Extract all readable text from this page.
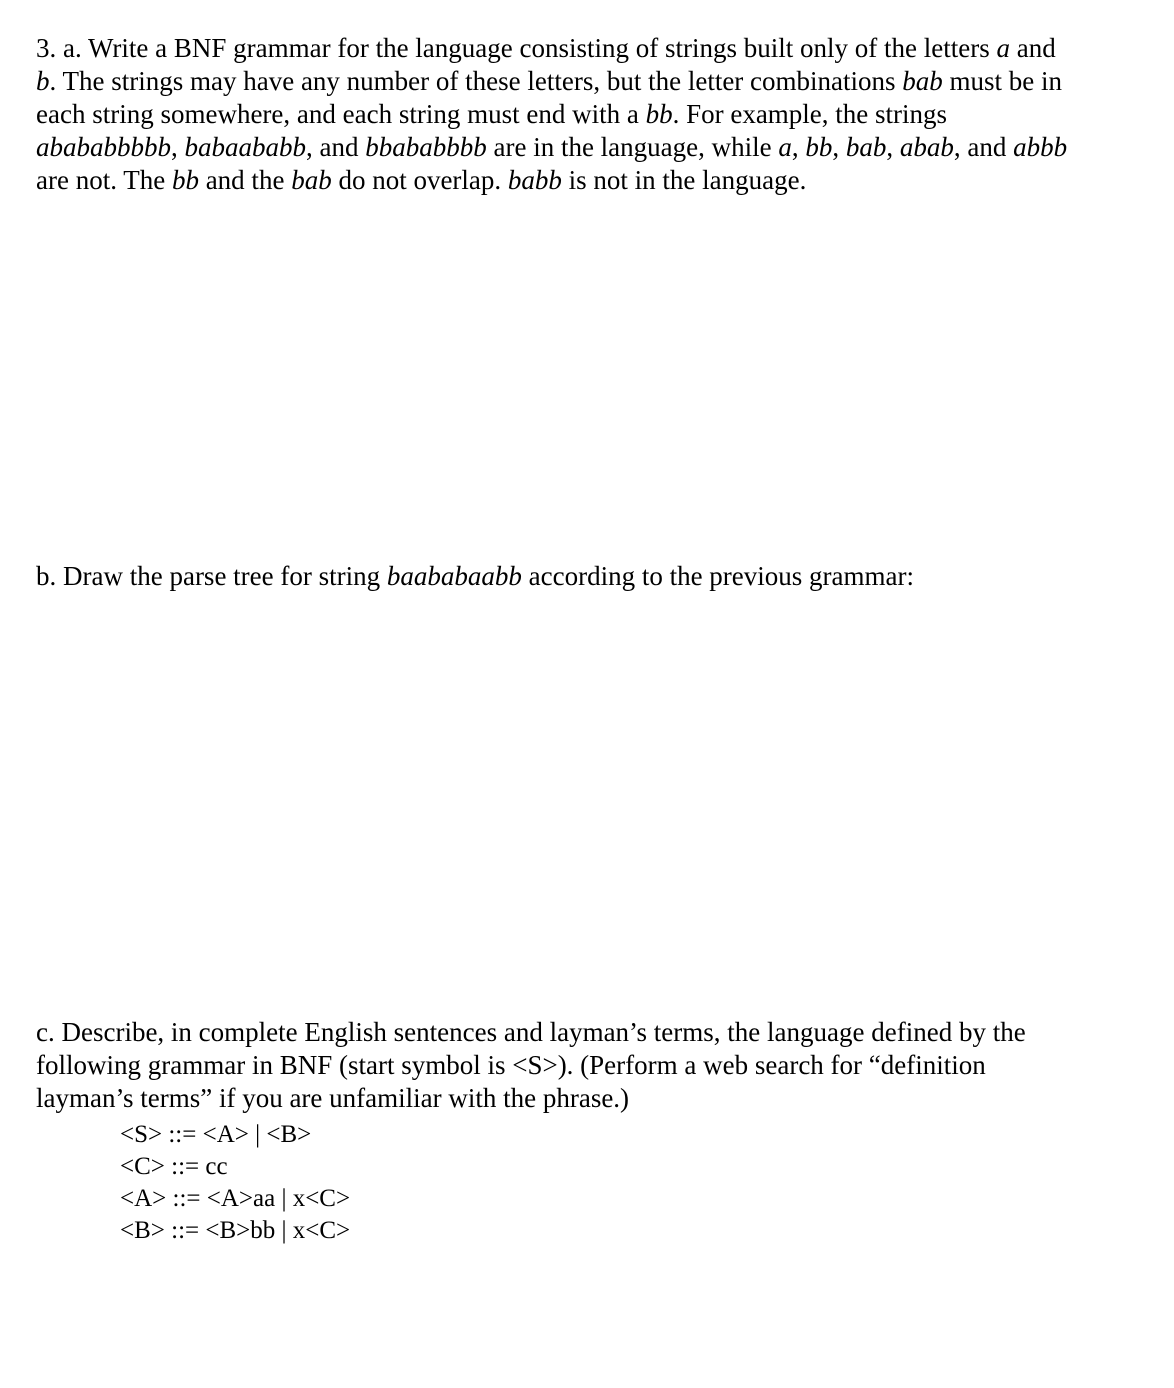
3. a. Write a BNF grammar for the language consisting of strings built only of the letters a and
b. The strings may have any number of these letters, but the letter combinations bab must be in
each string somewhere, and each string must end with a bb. For example, the strings
abababbbbb, babaababb, and bbababbbb are in the language, while a, bb, bab, abab, and abbb
are not. The bb and the bab do not overlap. babb is not in the language.
b. Draw the parse tree for string baababaabb according to the previous grammar:
c. Describe, in complete English sentences and layman’s terms, the language defined by the
following grammar in BNF (start symbol is <S>). (Perform a web search for “definition
layman’s terms” if you are unfamiliar with the phrase.)
<S> ::= <A> | <B>
<C> ::= cc
<A> ::= <A>aa | x<C>
<B> ::= <B>bb | x<C>
